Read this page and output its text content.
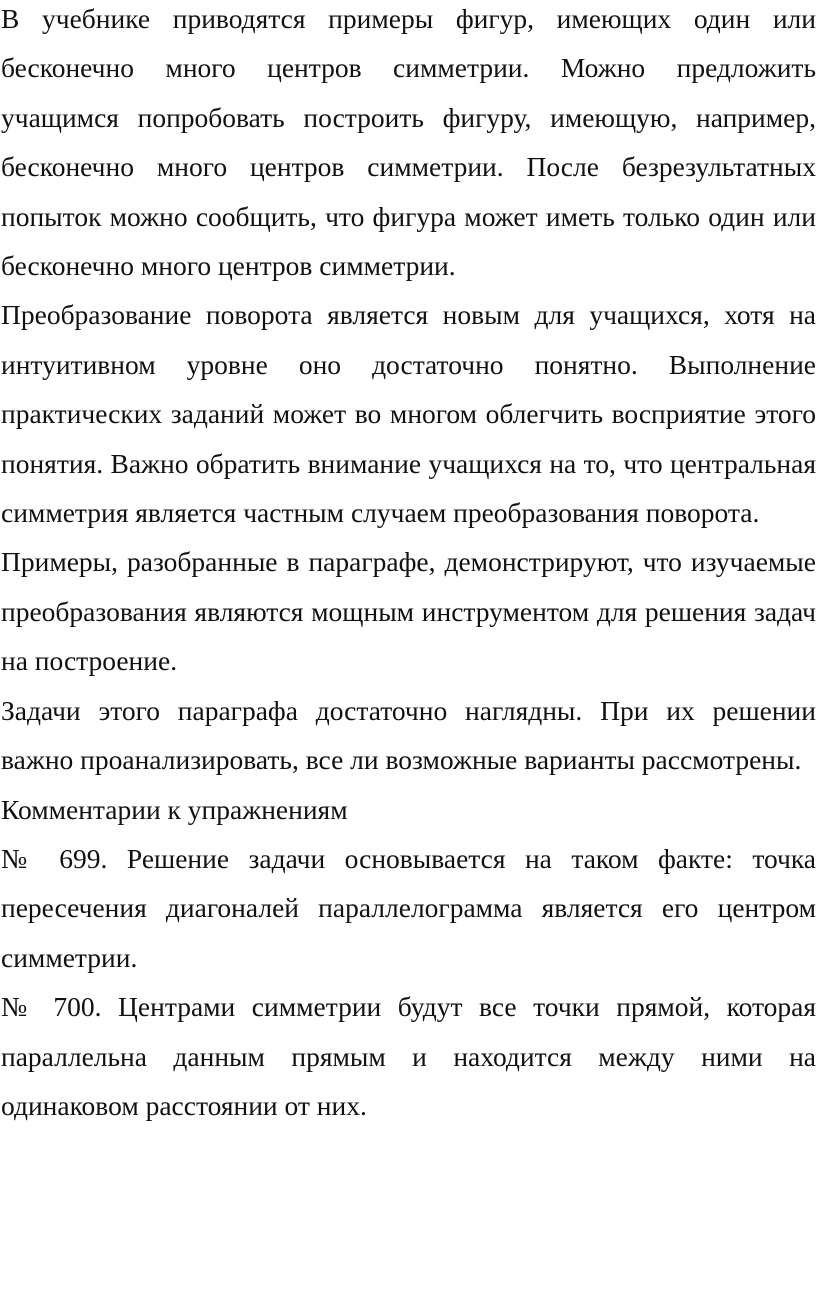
В учебнике приводятся примеры фигур, имеющих один или бесконечно много центров симметрии. Можно предложить учащимся попробовать построить фигуру, имеющую, например, бесконечно много центров симметрии. После безрезультатных попыток можно сообщить, что фигура может иметь только один или бесконечно много центров симметрии.

Преобразование поворота является новым для учащихся, хотя на интуитивном уровне оно достаточно понятно. Выполнение практических заданий может во многом облегчить восприятие этого понятия. Важно обратить внимание учащихся на то, что центральная симметрия является частным случаем преобразования поворота.

Примеры, разобранные в параграфе, демонстрируют, что изучаемые преобразования являются мощным инструментом для решения задач на построение.

Задачи этого параграфа достаточно наглядны. При их решении важно проанализировать, все ли возможные варианты рассмотрены.

Комментарии к упражнениям

№ 699. Решение задачи основывается на таком факте: точка пересечения диагоналей параллелограмма является его центром симметрии.

№ 700. Центрами симметрии будут все точки прямой, которая параллельна данным прямым и находится между ними на одинаковом расстоянии от них.
